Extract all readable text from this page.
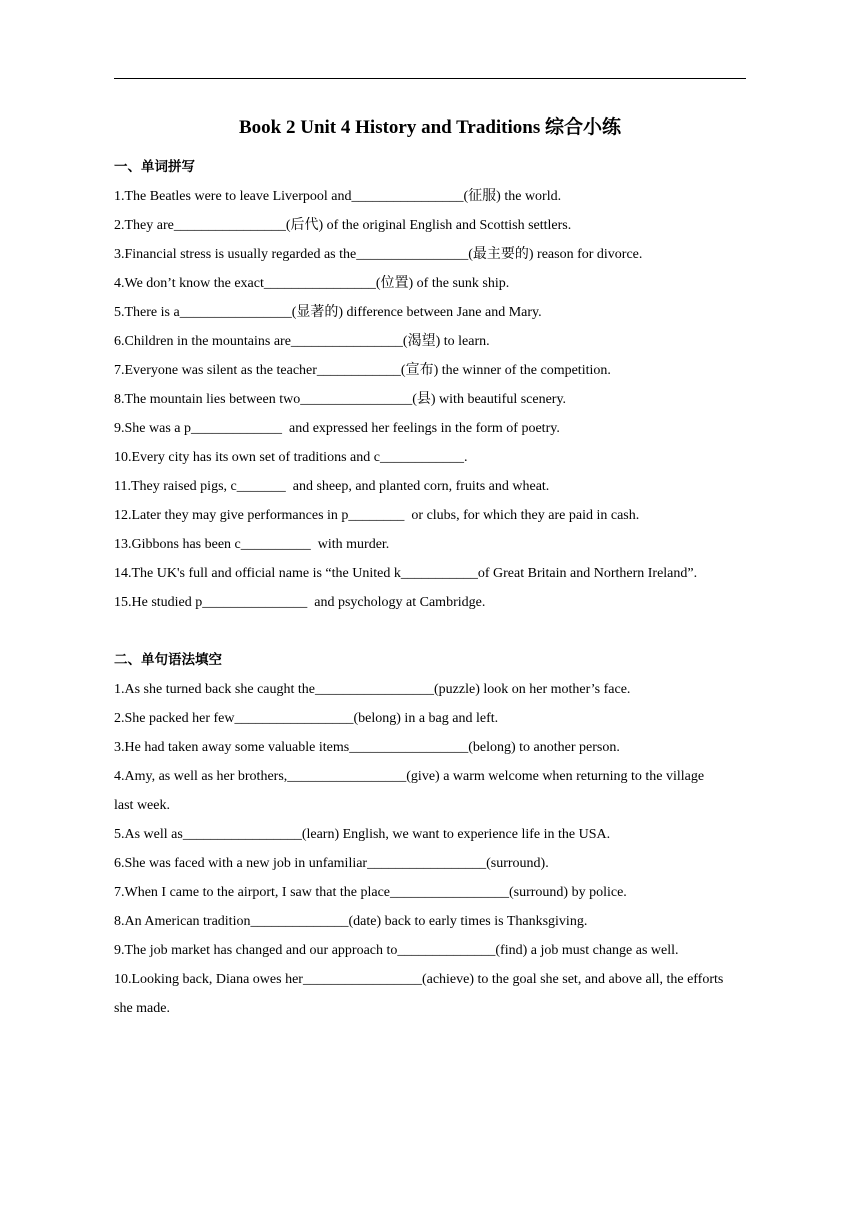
Book 2 Unit 4 History and Traditions 综合小练
一、单词拼写
1.The Beatles were to leave Liverpool and________________(征服) the world.
2.They are________________(后代) of the original English and Scottish settlers.
3.Financial stress is usually regarded as the________________(最主要的) reason for divorce.
4.We don’t know the exact________________(位置) of the sunk ship.
5.There is a________________(显著的) difference between Jane and Mary.
6.Children in the mountains are________________(渴望) to learn.
7.Everyone was silent as the teacher____________(宣布) the winner of the competition.
8.The mountain lies between two________________(县) with beautiful scenery.
9.She was a p_____________  and expressed her feelings in the form of poetry.
10.Every city has its own set of traditions and c____________.
11.They raised pigs, c_______  and sheep, and planted corn, fruits and wheat.
12.Later they may give performances in p________  or clubs, for which they are paid in cash.
13.Gibbons has been c__________  with murder.
14.The UK's full and official name is “the United k___________of Great Britain and Northern Ireland”.
15.He studied p_______________  and psychology at Cambridge.
二、单句语法填空
1.As she turned back she caught the_________________(puzzle) look on her mother’s face.
2.She packed her few_________________(belong) in a bag and left.
3.He had taken away some valuable items_________________(belong) to another person.
4.Amy, as well as her brothers,_________________(give) a warm welcome when returning to the village last week.
5.As well as_________________(learn) English, we want to experience life in the USA.
6.She was faced with a new job in unfamiliar_________________(surround).
7.When I came to the airport, I saw that the place_________________(surround) by police.
8.An American tradition______________(date) back to early times is Thanksgiving.
9.The job market has changed and our approach to______________(find) a job must change as well.
10.Looking back, Diana owes her_________________(achieve) to the goal she set, and above all, the efforts she made.
